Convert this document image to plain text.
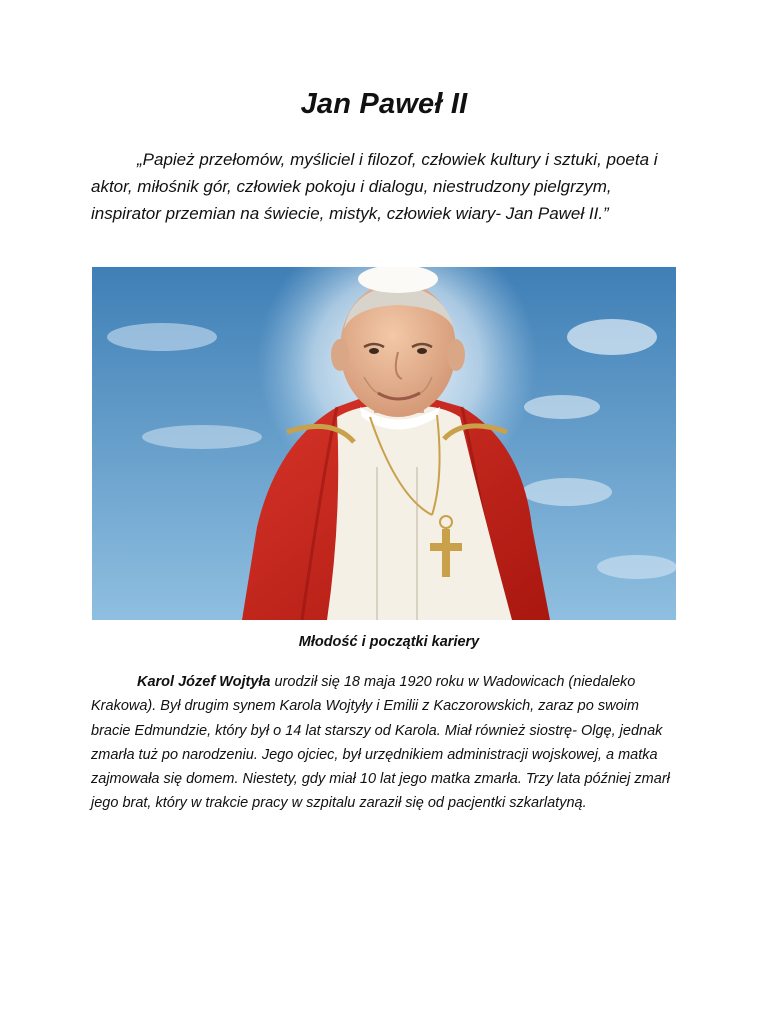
Jan Paweł II

„Papież przełomów, myśliciel i filozof, człowiek kultury i sztuki, poeta i aktor, miłośnik gór, człowiek pokoju i dialogu, niestrudzony pielgrzym, inspirator przemian na świecie, mistyk, człowiek wiary- Jan Paweł II.”

Młodość i początki kariery

Karol Józef Wojtyła urodził się 18 maja 1920 roku w Wadowicach (niedaleko Krakowa). Był drugim synem Karola Wojtyły i Emilii z Kaczorowskich, zaraz po swoim bracie Edmundzie, który był o 14 lat starszy od Karola. Miał również siostrę- Olgę, jednak zmarła tuż po narodzeniu. Jego ojciec, był urzędnikiem administracji wojskowej, a matka zajmowała się domem. Niestety, gdy miał 10 lat jego matka zmarła. Trzy lata później zmarł jego brat, który w trakcie pracy w szpitalu zaraził się od pacjentki szkarlatyną.
